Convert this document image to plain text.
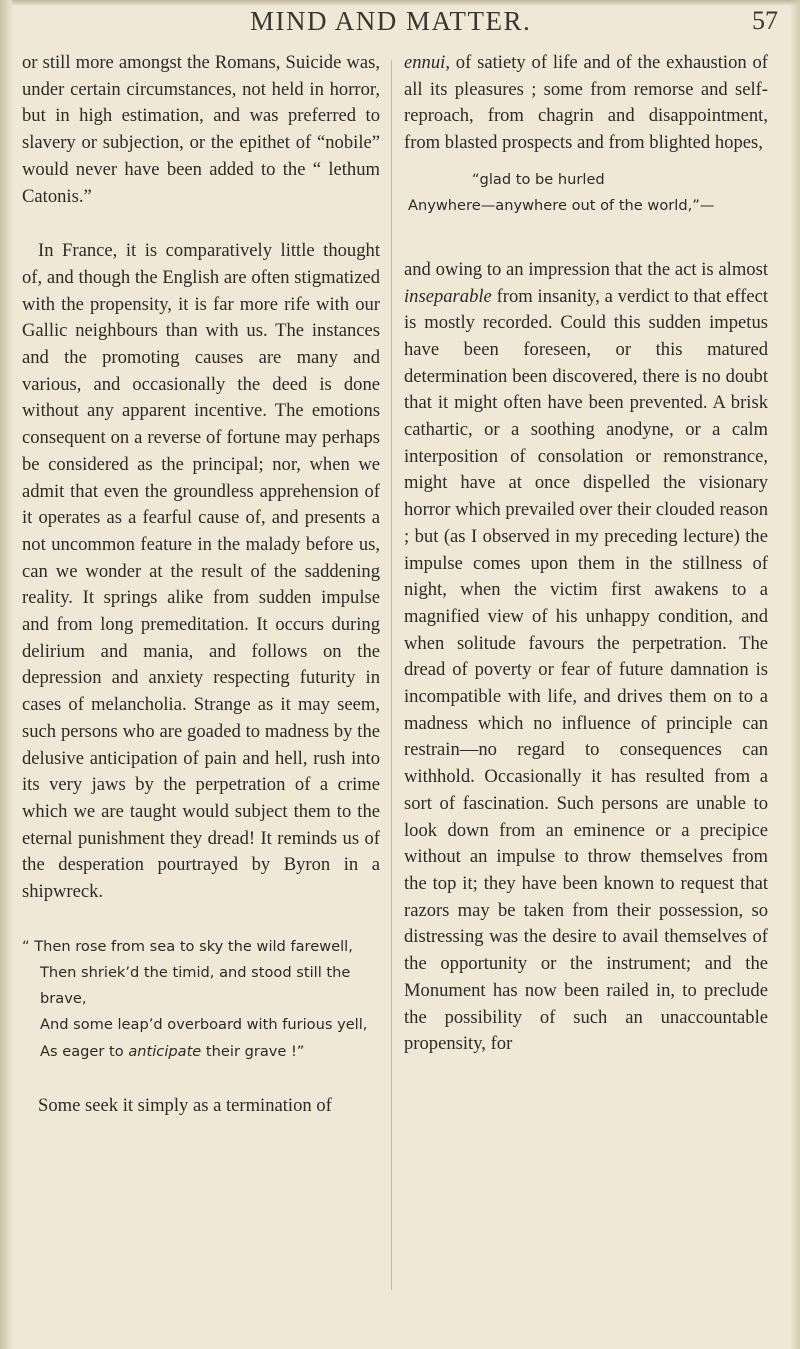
MIND AND MATTER.	57

or still more amongst the Romans, Suicide was, under certain circumstances, not held in horror, but in high estimation, and was preferred to slavery or subjection, or the epithet of “nobile” would never have been added to the “ lethum Catonis.”

In France, it is comparatively little thought of, and though the English are often stigmatized with the propensity, it is far more rife with our Gallic neighbours than with us. The instances and the promoting causes are many and various, and occasionally the deed is done without any apparent incentive. The emotions consequent on a reverse of fortune may perhaps be considered as the principal; nor, when we admit that even the groundless apprehension of it operates as a fearful cause of, and presents a not uncommon feature in the malady before us, can we wonder at the result of the saddening reality. It springs alike from sudden impulse and from long premeditation. It occurs during delirium and mania, and follows on the depression and anxiety respecting futurity in cases of melancholia. Strange as it may seem, such persons who are goaded to madness by the delusive anticipation of pain and hell, rush into its very jaws by the perpetration of a crime which we are taught would subject them to the eternal punishment they dread! It reminds us of the desperation pourtrayed by Byron in a shipwreck.

“ Then rose from sea to sky the wild farewell,
Then shriek’d the timid, and stood still the
brave,
And some leap’d overboard with furious yell,
As eager to anticipate their grave !”

Some seek it simply as a termination of

ennui, of satiety of life and of the exhaustion of all its pleasures ; some from remorse and self-reproach, from chagrin and disappointment, from blasted prospects and from blighted hopes,

“glad to be hurled
Anywhere—anywhere out of the world,”—

and owing to an impression that the act is almost inseparable from insanity, a verdict to that effect is mostly recorded. Could this sudden impetus have been foreseen, or this matured determination been discovered, there is no doubt that it might often have been prevented. A brisk cathartic, or a soothing anodyne, or a calm interposition of consolation or remonstrance, might have at once dispelled the visionary horror which prevailed over their clouded reason ; but (as I observed in my preceding lecture) the impulse comes upon them in the stillness of night, when the victim first awakens to a magnified view of his unhappy condition, and when solitude favours the perpetration. The dread of poverty or fear of future damnation is incompatible with life, and drives them on to a madness which no influence of principle can restrain—no regard to consequences can withhold. Occasionally it has resulted from a sort of fascination. Such persons are unable to look down from an eminence or a precipice without an impulse to throw themselves from the top it; they have been known to request that razors may be taken from their possession, so distressing was the desire to avail themselves of the opportunity or the instrument; and the Monument has now been railed in, to preclude the possibility of such an unaccountable propensity, for
